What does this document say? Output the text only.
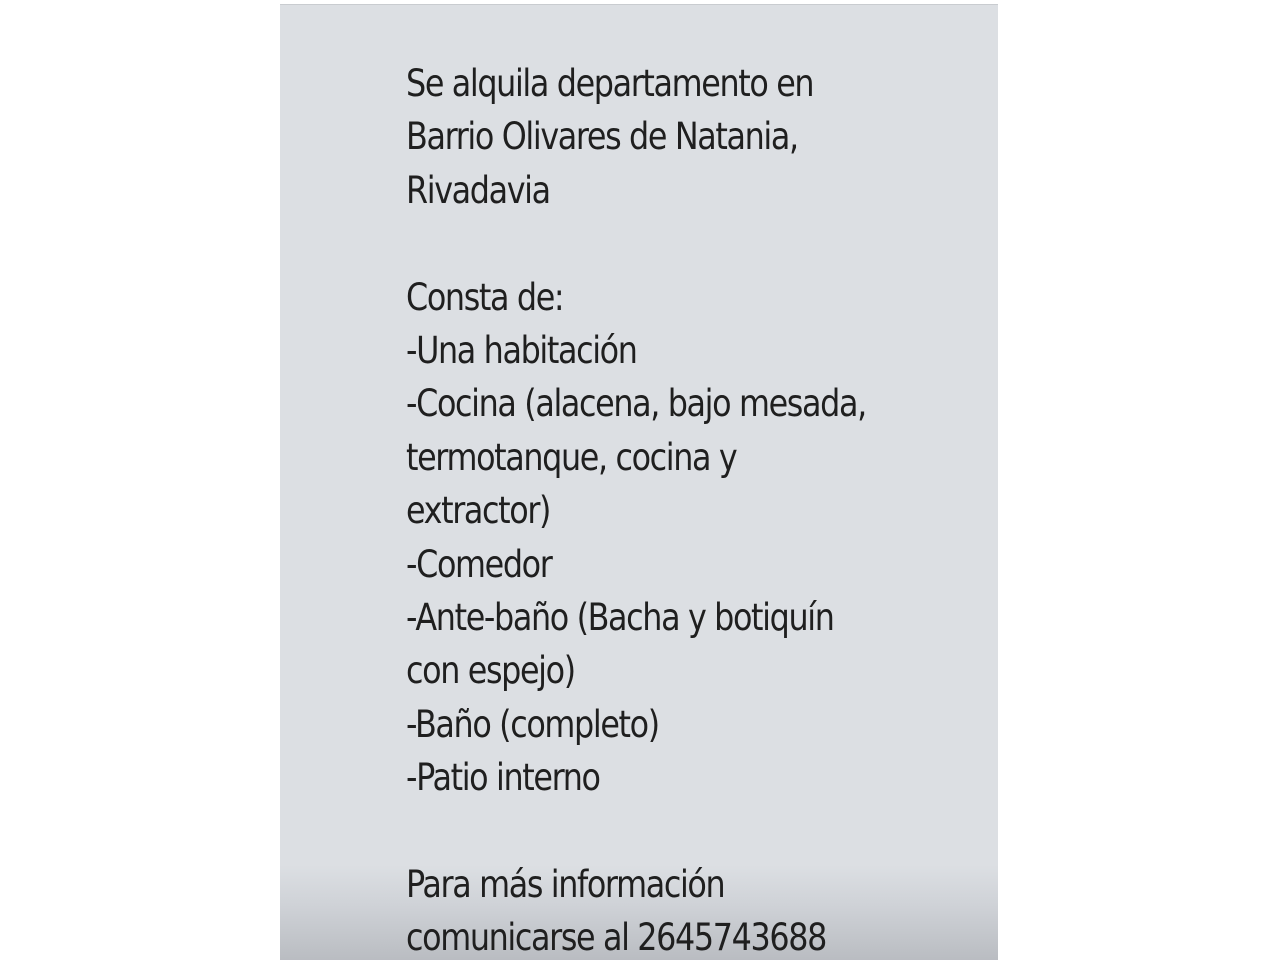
Se alquila departamento en
Barrio Olivares de Natania,
Rivadavia
Consta de:
-Una habitación
-Cocina (alacena, bajo mesada,
termotanque, cocina y
extractor)
-Comedor
-Ante-baño (Bacha y botiquín
con espejo)
-Baño (completo)
-Patio interno
Para más información
comunicarse al 2645743688
